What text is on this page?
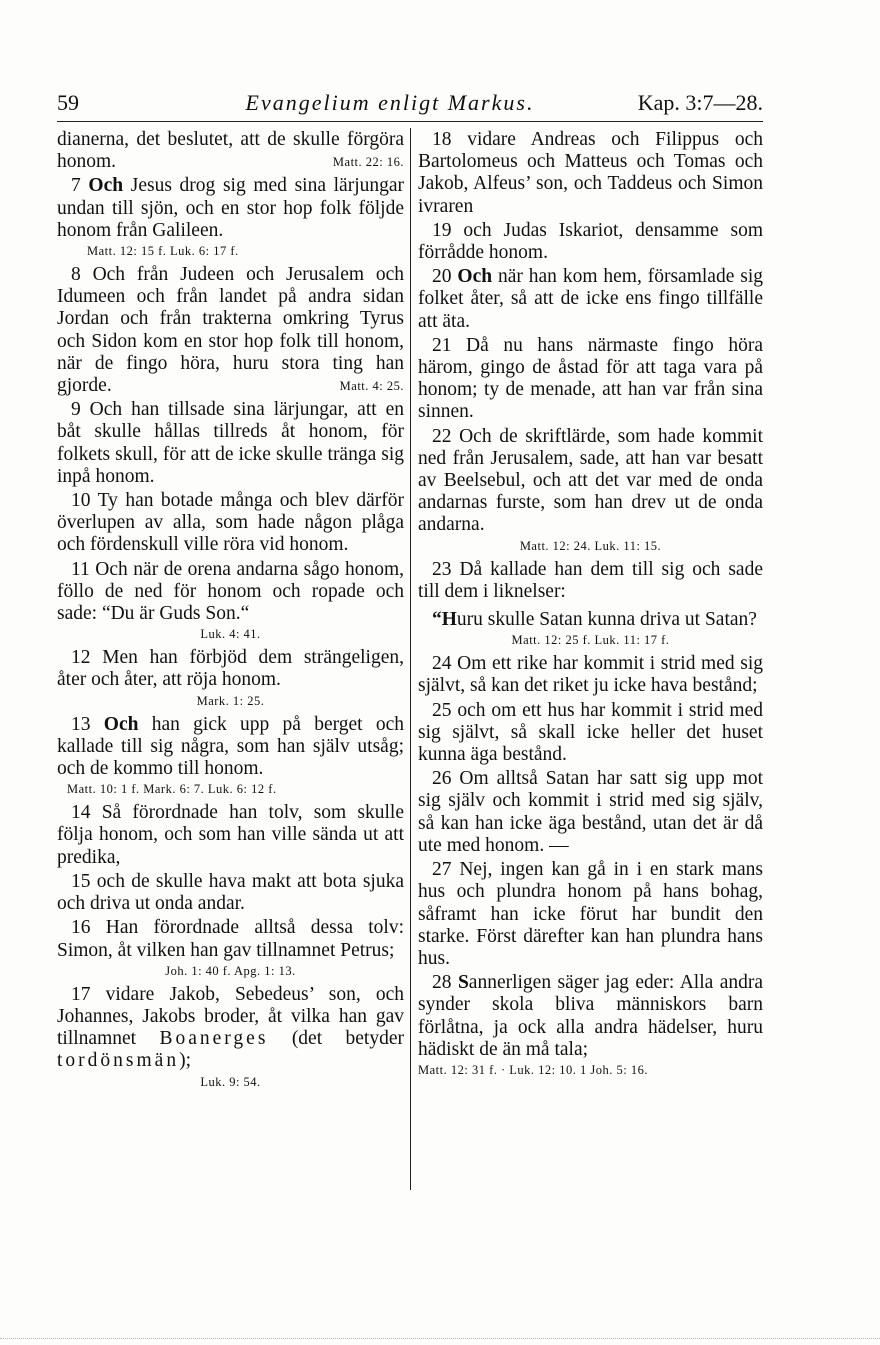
59	Evangelium enligt Markus.	Kap. 3:7—28.

dianerna, det beslutet, att de skulle förgöra honom.	Matt. 22: 16.

7 Och Jesus drog sig med sina lärjungar undan till sjön, och en stor hop folk följde honom från Galileen.

Matt. 12: 15 f. Luk. 6: 17 f.

8 Och från Judeen och Jerusalem och Idumeen och från landet på andra sidan Jordan och från trakterna omkring Tyrus och Sidon kom en stor hop folk till honom, när de fingo höra, huru stora ting han gjorde.	Matt. 4: 25.

9 Och han tillsade sina lärjungar, att en båt skulle hållas tillreds åt honom, för folkets skull, för att de icke skulle tränga sig inpå honom.

10 Ty han botade många och blev därför överlupen av alla, som hade någon plåga och fördenskull ville röra vid honom.

11 Och när de orena andarna sågo honom, föllo de ned för honom och ropade och sade: “Du är Guds Son.“

Luk. 4: 41.

12 Men han förbjöd dem strängeligen, åter och åter, att röja honom.

Mark. 1: 25.

13 Och han gick upp på berget och kallade till sig några, som han själv utsåg; och de kommo till honom.

Matt. 10: 1 f. Mark. 6: 7. Luk. 6: 12 f.

14 Så förordnade han tolv, som skulle följa honom, och som han ville sända ut att predika,

15 och de skulle hava makt att bota sjuka och driva ut onda andar.

16 Han förordnade alltså dessa tolv: Simon, åt vilken han gav tillnamnet Petrus;

Joh. 1: 40 f. Apg. 1: 13.

17 vidare Jakob, Sebedeus’ son, och Johannes, Jakobs broder, åt vilka han gav tillnamnet Boanerges (det betyder tordönsmän);

Luk. 9: 54.

18 vidare Andreas och Filippus och Bartolomeus och Matteus och Tomas och Jakob, Alfeus’ son, och Taddeus och Simon ivraren

19 och Judas Iskariot, densamme som förrådde honom.

20 Och när han kom hem, församlade sig folket åter, så att de icke ens fingo tillfälle att äta.

21 Då nu hans närmaste fingo höra härom, gingo de åstad för att taga vara på honom; ty de menade, att han var från sina sinnen.

22 Och de skriftlärde, som hade kommit ned från Jerusalem, sade, att han var besatt av Beelsebul, och att det var med de onda andarnas furste, som han drev ut de onda andarna.

Matt. 12: 24. Luk. 11: 15.

23 Då kallade han dem till sig och sade till dem i liknelser:

“Huru skulle Satan kunna driva ut Satan?

Matt. 12: 25 f. Luk. 11: 17 f.

24 Om ett rike har kommit i strid med sig självt, så kan det riket ju icke hava bestånd;

25 och om ett hus har kommit i strid med sig självt, så skall icke heller det huset kunna äga bestånd.

26 Om alltså Satan har satt sig upp mot sig själv och kommit i strid med sig själv, så kan han icke äga bestånd, utan det är då ute med honom. —

27 Nej, ingen kan gå in i en stark mans hus och plundra honom på hans bohag, såframt han icke förut har bundit den starke. Först därefter kan han plundra hans hus.

28 Sannerligen säger jag eder: Alla andra synder skola bliva människors barn förlåtna, ja ock alla andra hädelser, huru hädiskt de än må tala;

Matt. 12: 31 f. · Luk. 12: 10. 1 Joh. 5: 16.
